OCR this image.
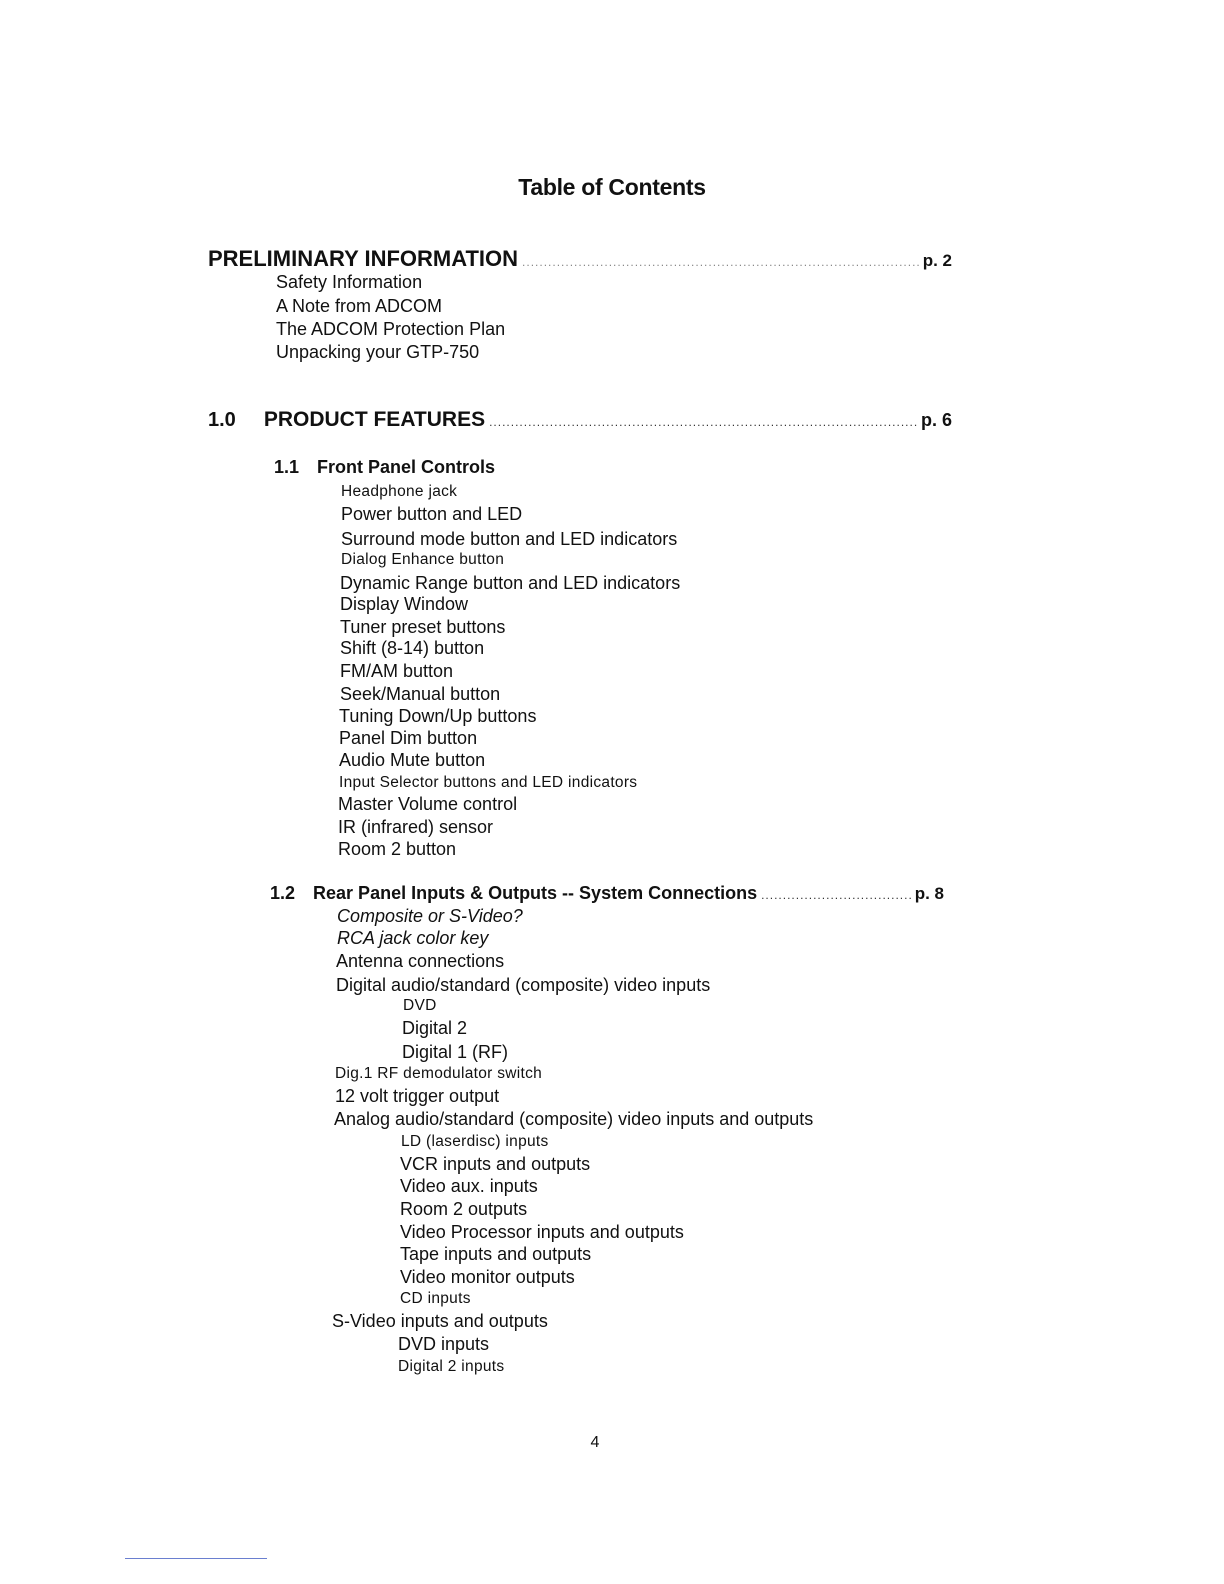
Table of Contents
PRELIMINARY INFORMATION .....	p. 2
Safety Information
A Note from ADCOM
The ADCOM Protection Plan
Unpacking your GTP-750
1.0 PRODUCT FEATURES .....	p. 6
1.1 Front Panel Controls
Headphone jack
Power button and LED
Surround mode button and LED indicators
Dialog Enhance button
Dynamic Range button and LED indicators
Display Window
Tuner preset buttons
Shift (8-14) button
FM/AM button
Seek/Manual button
Tuning Down/Up buttons
Panel Dim button
Audio Mute button
Input Selector buttons and LED indicators
Master Volume control
IR (infrared) sensor
Room 2 button
1.2 Rear Panel Inputs & Outputs -- System Connections .....	p. 8
Composite or S-Video?
RCA jack color key
Antenna connections
Digital audio/standard (composite) video inputs
DVD
Digital 2
Digital 1 (RF)
Dig.1 RF demodulator switch
12 volt trigger output
Analog audio/standard (composite) video inputs and outputs
LD (laserdisc) inputs
VCR inputs and outputs
Video aux. inputs
Room 2 outputs
Video Processor inputs and outputs
Tape inputs and outputs
Video monitor outputs
CD inputs
S-Video inputs and outputs
DVD inputs
Digital 2 inputs
4
